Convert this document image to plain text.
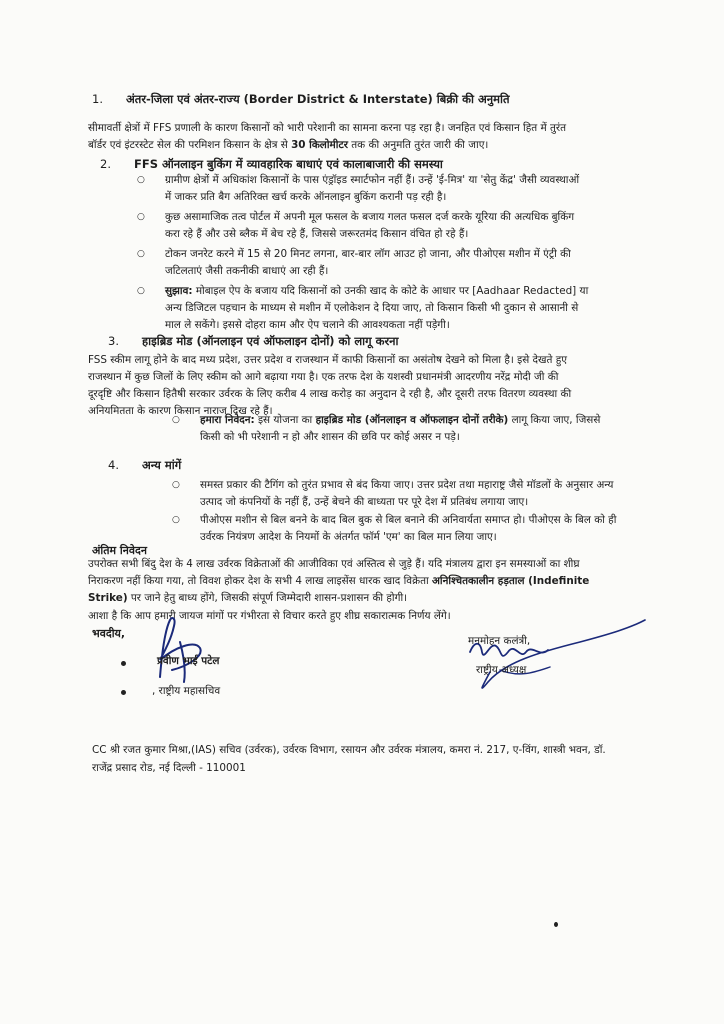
1. अंतर-जिला एवं अंतर-राज्य (Border District & Interstate) बिक्री की अनुमति
सीमावर्ती क्षेत्रों में FFS प्रणाली के कारण किसानों को भारी परेशानी का सामना करना पड़ रहा है। जनहित एवं किसान हित में तुरंत
बॉर्डर एवं इंटरस्टेट सेल की परमिशन किसान के क्षेत्र से 30 किलोमीटर तक की अनुमति तुरंत जारी की जाए।
2. FFS ऑनलाइन बुकिंग में व्यावहारिक बाधाएं एवं कालाबाजारी की समस्या
○ ग्रामीण क्षेत्रों में अधिकांश किसानों के पास एंड्रॉइड स्मार्टफोन नहीं हैं। उन्हें 'ई-मित्र' या 'सेतु केंद्र' जैसी व्यवस्थाओं
में जाकर प्रति बैग अतिरिक्त खर्च करके ऑनलाइन बुकिंग करानी पड़ रही है।
○ कुछ असामाजिक तत्व पोर्टल में अपनी मूल फसल के बजाय गलत फसल दर्ज करके यूरिया की अत्यधिक बुकिंग
करा रहे हैं और उसे ब्लैक में बेच रहे हैं, जिससे जरूरतमंद किसान वंचित हो रहे हैं।
○ टोकन जनरेट करने में 15 से 20 मिनट लगना, बार-बार लॉग आउट हो जाना, और पीओएस मशीन में एंट्री की
जटिलताएं जैसी तकनीकी बाधाएं आ रही हैं।
○ सुझाव: मोबाइल ऐप के बजाय यदि किसानों को उनकी खाद के कोटे के आधार पर [Aadhaar Redacted] या
अन्य डिजिटल पहचान के माध्यम से मशीन में एलोकेशन दे दिया जाए, तो किसान किसी भी दुकान से आसानी से
माल ले सकेंगे। इससे दोहरा काम और ऐप चलाने की आवश्यकता नहीं पड़ेगी।
3. हाइब्रिड मोड (ऑनलाइन एवं ऑफलाइन दोनों) को लागू करना
FSS स्कीम लागू होने के बाद मध्य प्रदेश, उत्तर प्रदेश व राजस्थान में काफी किसानों का असंतोष देखने को मिला है। इसे देखते हुए
राजस्थान में कुछ जिलों के लिए स्कीम को आगे बढ़ाया गया है। एक तरफ देश के यशस्वी प्रधानमंत्री आदरणीय नरेंद्र मोदी जी की
दूरदृष्टि और किसान हितैषी सरकार उर्वरक के लिए करीब 4 लाख करोड़ का अनुदान दे रही है, और दूसरी तरफ वितरण व्यवस्था की
अनियमितता के कारण किसान नाराज दिख रहे हैं।
○ हमारा निवेदन: इस योजना का हाइब्रिड मोड (ऑनलाइन व ऑफलाइन दोनों तरीके) लागू किया जाए, जिससे
किसी को भी परेशानी न हो और शासन की छवि पर कोई असर न पड़े।
4. अन्य मांगें
○ समस्त प्रकार की टैगिंग को तुरंत प्रभाव से बंद किया जाए। उत्तर प्रदेश तथा महाराष्ट्र जैसे मॉडलों के अनुसार अन्य
उत्पाद जो कंपनियों के नहीं हैं, उन्हें बेचने की बाध्यता पर पूरे देश में प्रतिबंध लगाया जाए।
○ पीओएस मशीन से बिल बनने के बाद बिल बुक से बिल बनाने की अनिवार्यता समाप्त हो। पीओएस के बिल को ही
उर्वरक नियंत्रण आदेश के नियमों के अंतर्गत फॉर्म 'एम' का बिल मान लिया जाए।
अंतिम निवेदन
उपरोक्त सभी बिंदु देश के 4 लाख उर्वरक विक्रेताओं की आजीविका एवं अस्तित्व से जुड़े हैं। यदि मंत्रालय द्वारा इन समस्याओं का शीघ्र
निराकरण नहीं किया गया, तो विवश होकर देश के सभी 4 लाख लाइसेंस धारक खाद विक्रेता अनिश्चितकालीन हड़ताल (Indefinite
Strike) पर जाने हेतु बाध्य होंगे, जिसकी संपूर्ण जिम्मेदारी शासन-प्रशासन की होगी।
आशा है कि आप हमारी जायज मांगों पर गंभीरता से विचार करते हुए शीघ्र सकारात्मक निर्णय लेंगे।
भवदीय,
प्रवीण भाई पटेल
, राष्ट्रीय महासचिव
मनमोहन कलंत्री,
राष्ट्रीय अध्यक्ष
CC श्री रजत कुमार मिश्रा,(IAS) सचिव (उर्वरक), उर्वरक विभाग, रसायन और उर्वरक मंत्रालय, कमरा नं. 217, ए-विंग, शास्त्री भवन, डॉ.
राजेंद्र प्रसाद रोड, नई दिल्ली - 110001
